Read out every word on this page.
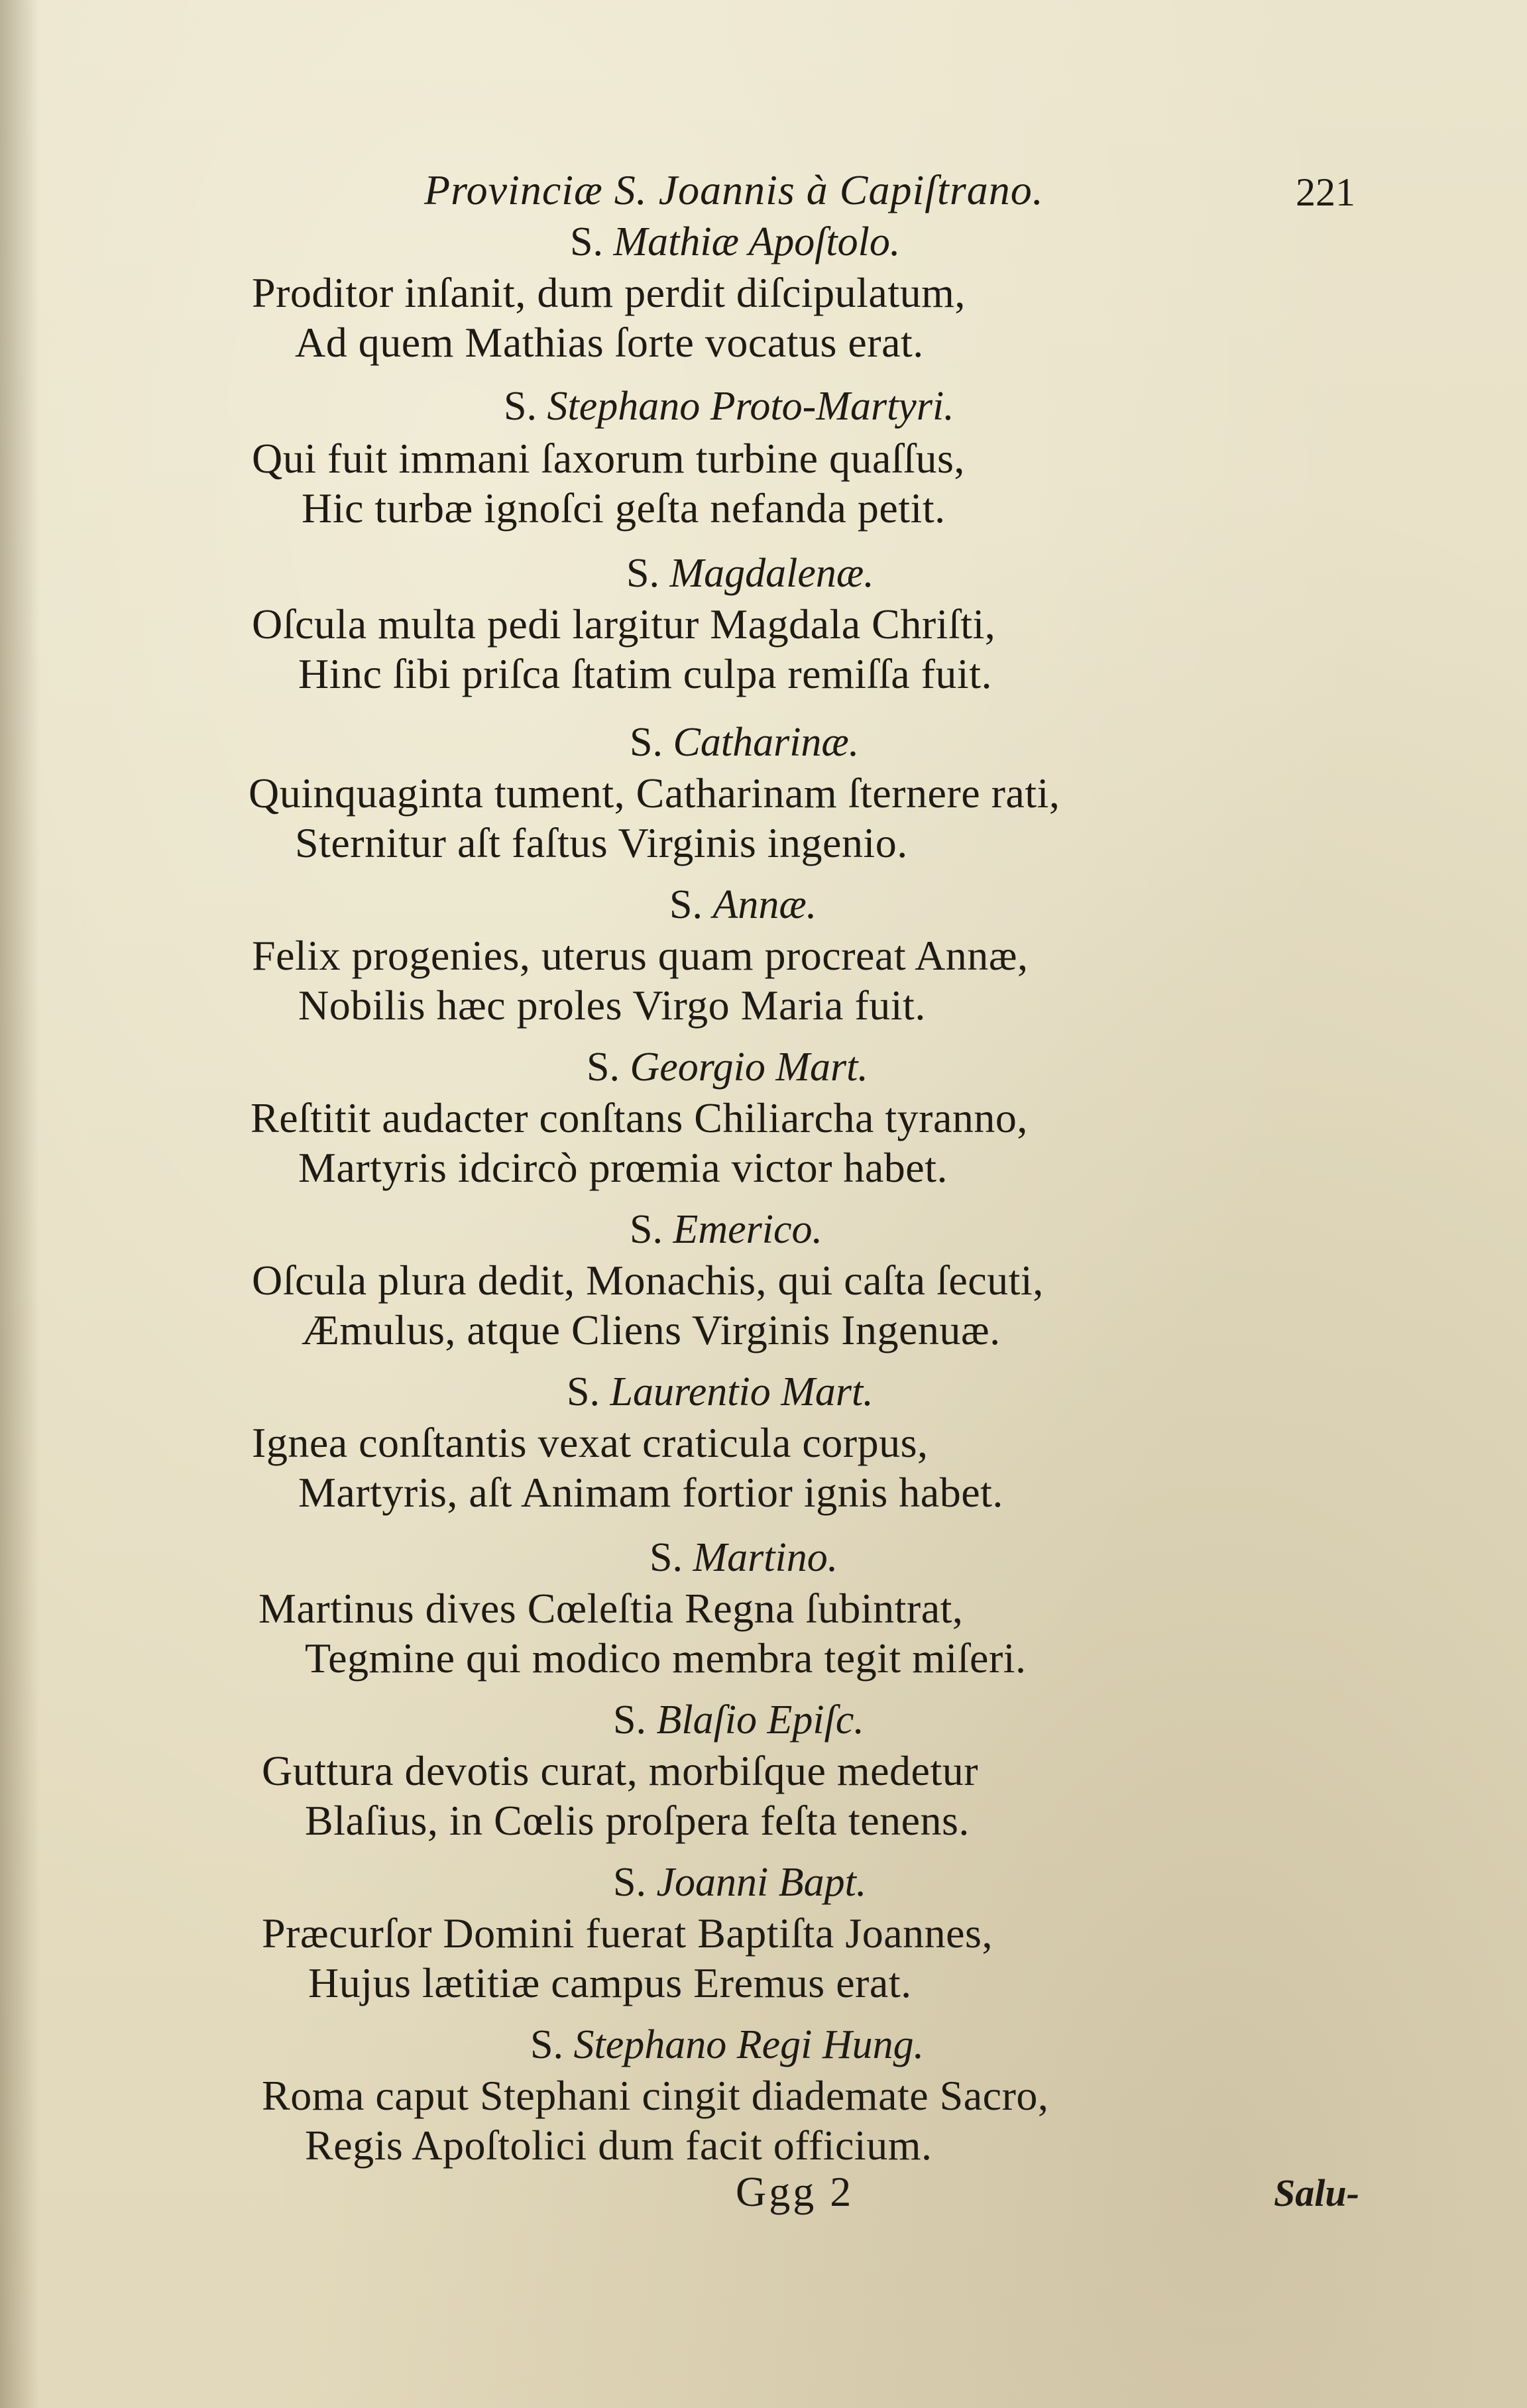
Provinciæ S. Joannis à Capiſtrano.	221
S. Mathiæ Apoſtolo.
Proditor inſanit, dum perdit diſcipulatum,
Ad quem Mathias ſorte vocatus erat.
S. Stephano Proto-Martyri.
Qui fuit immani ſaxorum turbine quaſſus,
Hic turbæ ignoſci geſta nefanda petit.
S. Magdalenæ.
Oſcula multa pedi largitur Magdala Chriſti,
Hinc ſibi priſca ſtatim culpa remiſſa fuit.
S. Catharinæ.
Quinquaginta tument, Catharinam ſternere rati,
Sternitur aſt faſtus Virginis ingenio.
S. Annæ.
Felix progenies, uterus quam procreat Annæ,
Nobilis hæc proles Virgo Maria fuit.
S. Georgio Mart.
Reſtitit audacter conſtans Chiliarcha tyranno,
Martyris idcircò prœmia victor habet.
S. Emerico.
Oſcula plura dedit, Monachis, qui caſta ſecuti,
Æmulus, atque Cliens Virginis Ingenuæ.
S. Laurentio Mart.
Ignea conſtantis vexat craticula corpus,
Martyris, aſt Animam fortior ignis habet.
S. Martino.
Martinus dives Cœleſtia Regna ſubintrat,
Tegmine qui modico membra tegit miſeri.
S. Blaſio Epiſc.
Guttura devotis curat, morbiſque medetur
Blaſius, in Cœlis proſpera feſta tenens.
S. Joanni Bapt.
Præcurſor Domini fuerat Baptiſta Joannes,
Hujus lætitiæ campus Eremus erat.
S. Stephano Regi Hung.
Roma caput Stephani cingit diademate Sacro,
Regis Apoſtolici dum facit officium.
Ggg 2	Salu-
